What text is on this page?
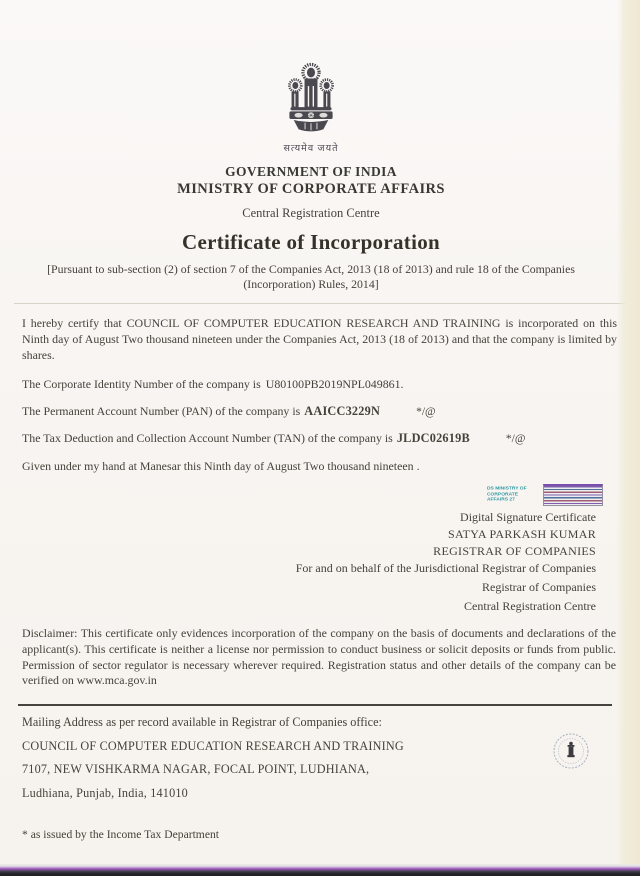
सत्यमेव जयते
GOVERNMENT OF INDIA
MINISTRY OF CORPORATE AFFAIRS
Central Registration Centre
Certificate of Incorporation
[Pursuant to sub-section (2) of section 7 of the Companies Act, 2013 (18 of 2013) and rule 18 of the Companies (Incorporation) Rules, 2014]

I hereby certify that COUNCIL OF COMPUTER EDUCATION RESEARCH AND TRAINING is incorporated on this Ninth day of August Two thousand nineteen under the Companies Act, 2013 (18 of 2013) and that the company is limited by shares.

The Corporate Identity Number of the company is U80100PB2019NPL049861.

The Permanent Account Number (PAN) of the company is AAICC3229N	*/@

The Tax Deduction and Collection Account Number (TAN) of the company is JLDC02619B	*/@

Given under my hand at Manesar this Ninth day of August Two thousand nineteen .

DS MINISTRY OF CORPORATE AFFAIRS 27
Digital Signature Certificate
SATYA PARKASH KUMAR
REGISTRAR OF COMPANIES
For and on behalf of the Jurisdictional Registrar of Companies
Registrar of Companies
Central Registration Centre

Disclaimer: This certificate only evidences incorporation of the company on the basis of documents and declarations of the applicant(s). This certificate is neither a license nor permission to conduct business or solicit deposits or funds from public. Permission of sector regulator is necessary wherever required. Registration status and other details of the company can be verified on www.mca.gov.in

Mailing Address as per record available in Registrar of Companies office:

COUNCIL OF COMPUTER EDUCATION RESEARCH AND TRAINING

7107, NEW VISHKARMA NAGAR, FOCAL POINT, LUDHIANA,

Ludhiana, Punjab, India, 141010

* as issued by the Income Tax Department
